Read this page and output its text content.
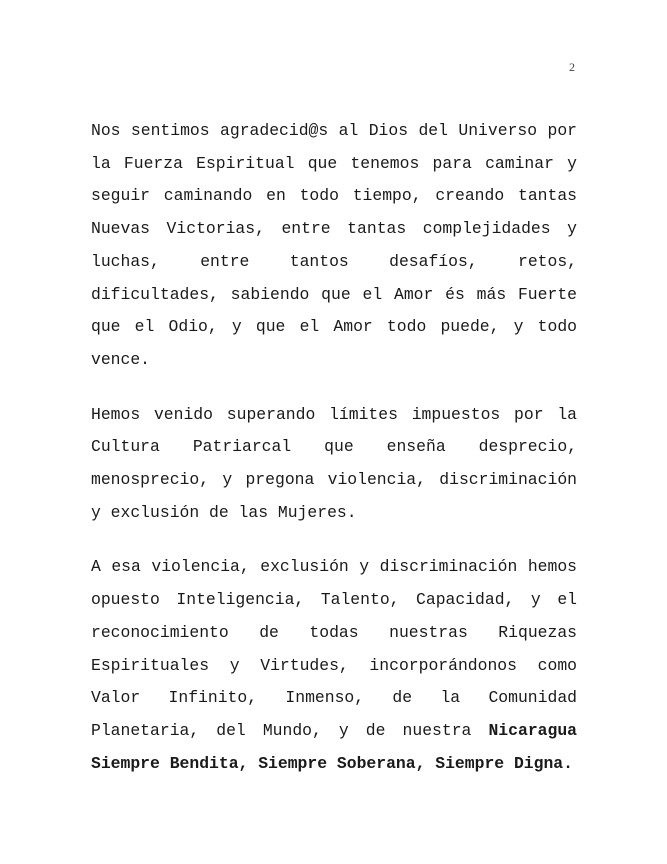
2

Nos sentimos agradecid@s al Dios del Universo por la Fuerza Espiritual que tenemos para caminar y seguir caminando en todo tiempo, creando tantas Nuevas Victorias, entre tantas complejidades y luchas, entre tantos desafíos, retos, dificultades, sabiendo que el Amor és más Fuerte que el Odio, y que el Amor todo puede, y todo vence.

Hemos venido superando límites impuestos por la Cultura Patriarcal que enseña desprecio, menosprecio, y pregona violencia, discriminación y exclusión de las Mujeres.

A esa violencia, exclusión y discriminación hemos opuesto Inteligencia, Talento, Capacidad, y el reconocimiento de todas nuestras Riquezas Espirituales y Virtudes, incorporándonos como Valor Infinito, Inmenso, de la Comunidad Planetaria, del Mundo, y de nuestra Nicaragua Siempre Bendita, Siempre Soberana, Siempre Digna.
